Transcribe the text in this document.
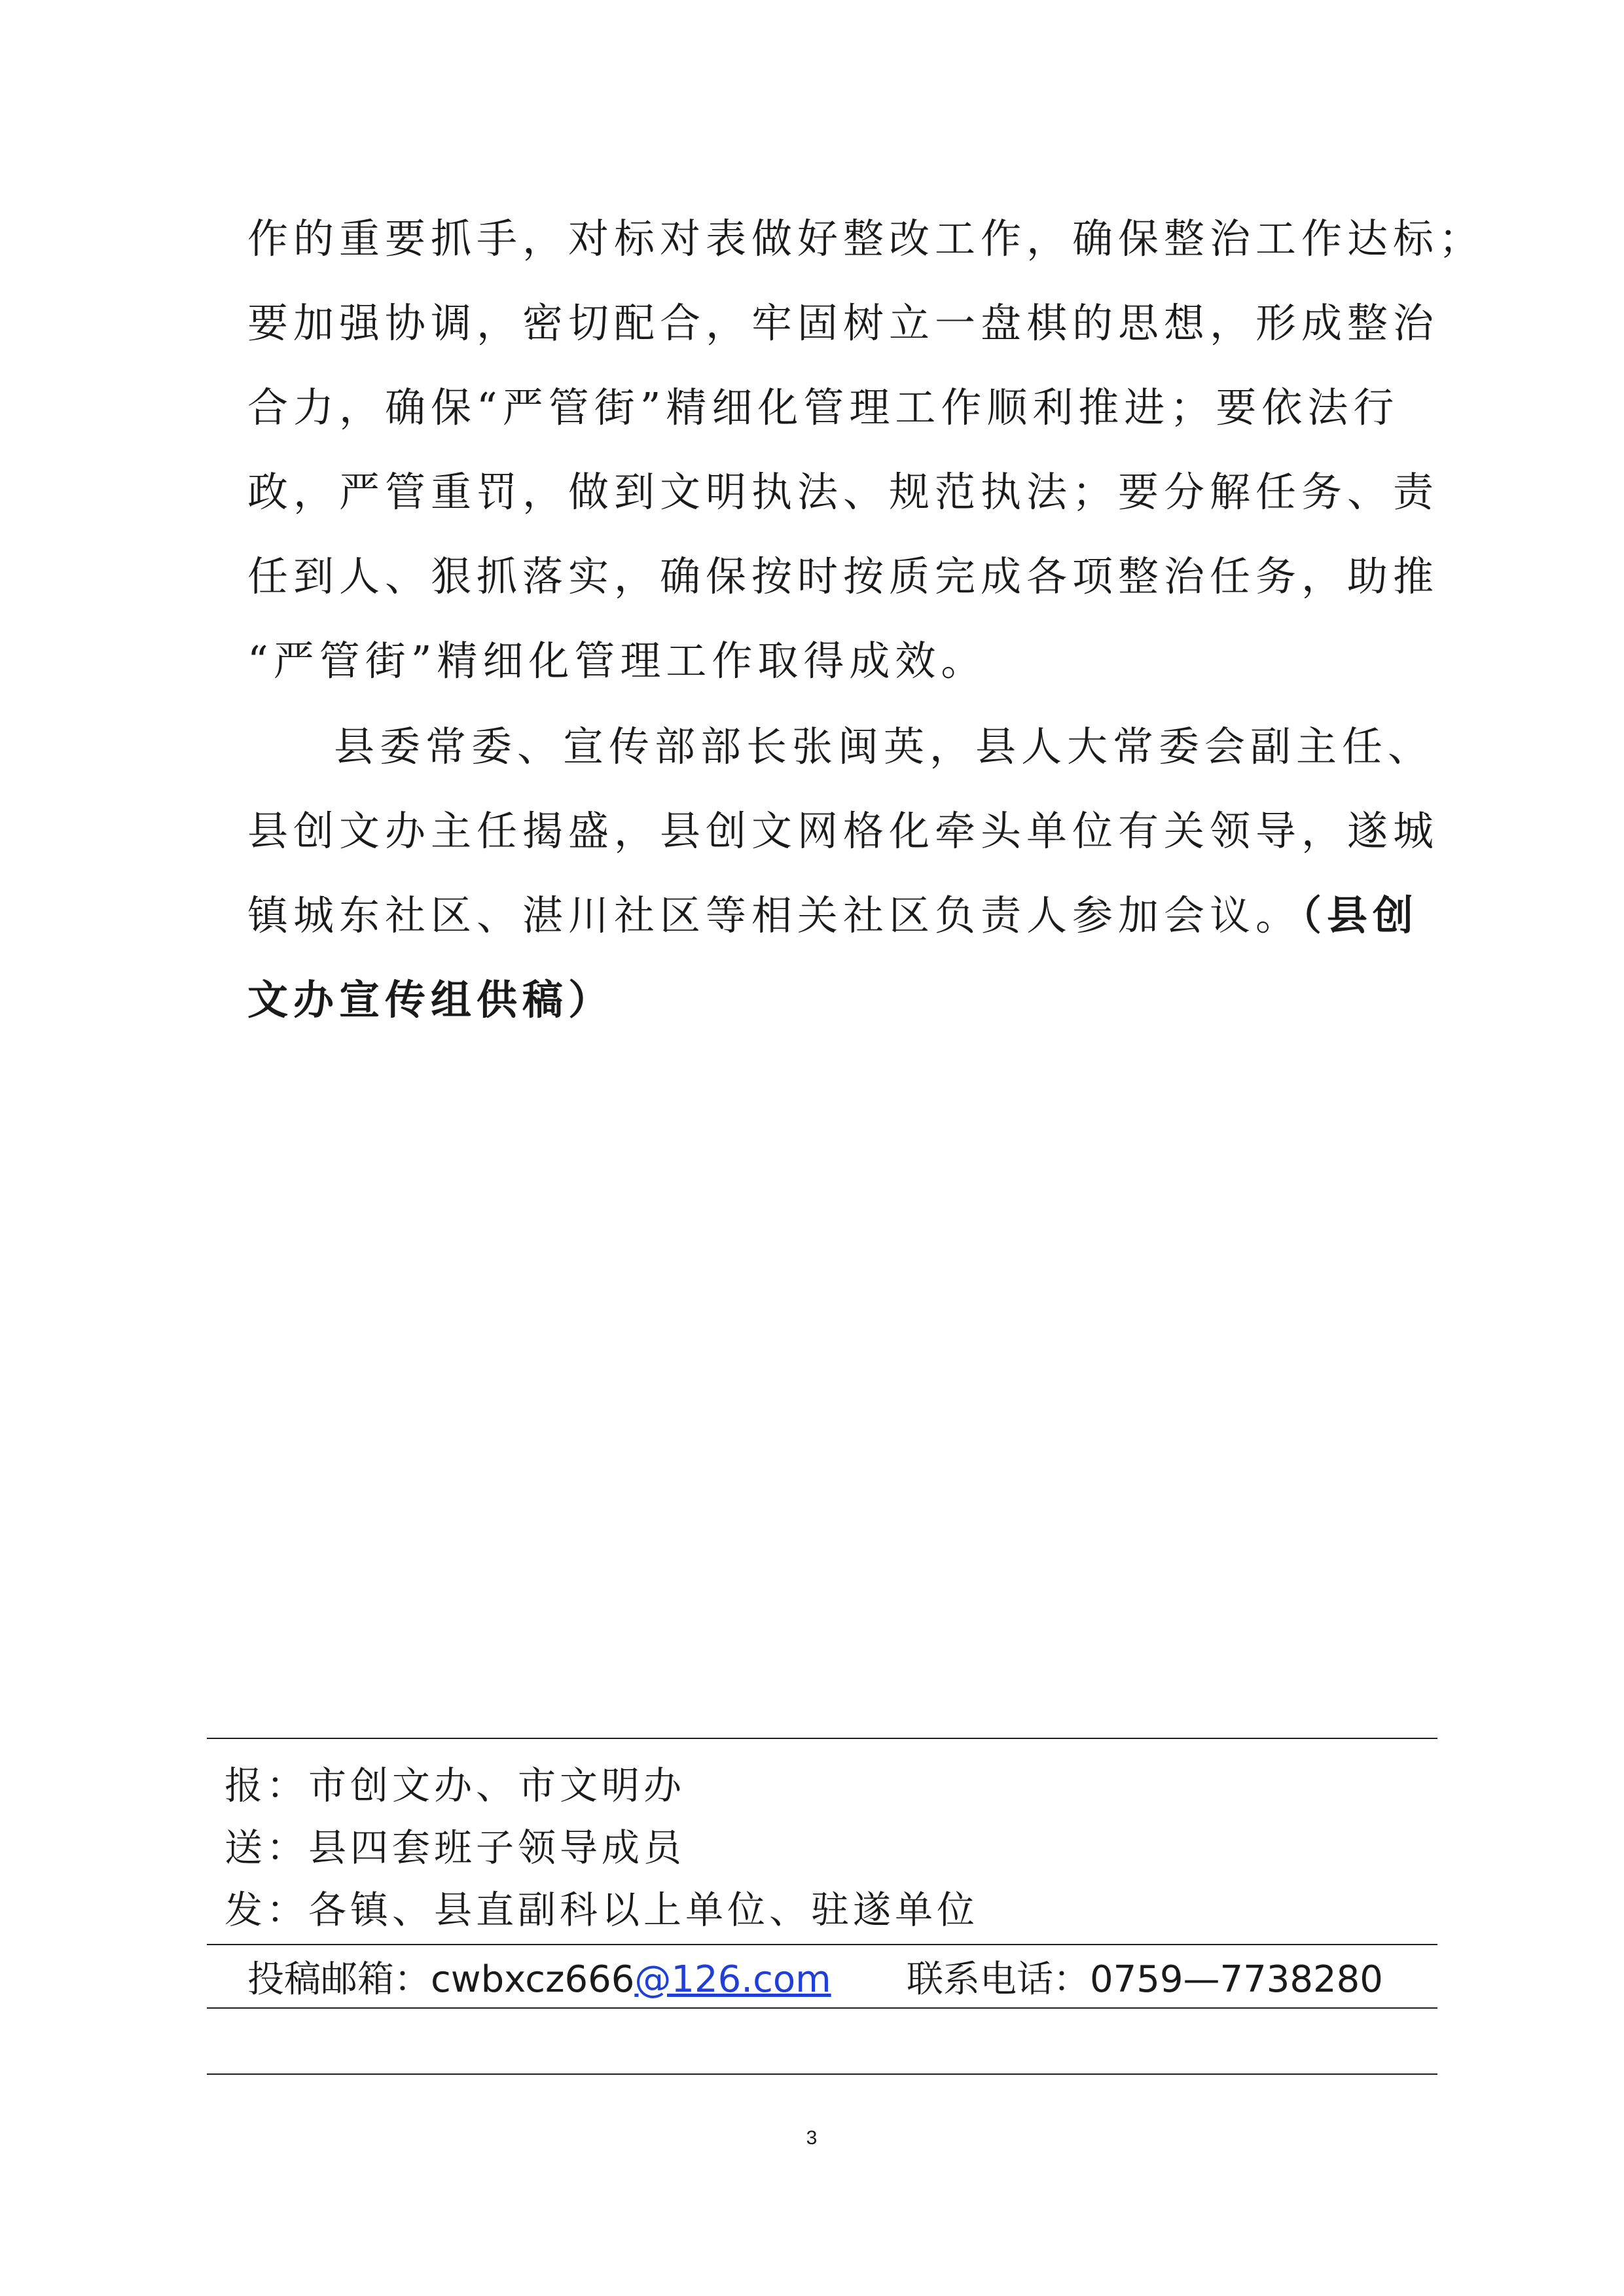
作的重要抓手，对标对表做好整改工作，确保整治工作达标；
要加强协调，密切配合，牢固树立一盘棋的思想，形成整治
合力，确保“严管街”精细化管理工作顺利推进；要依法行
政，严管重罚，做到文明执法、规范执法；要分解任务、责
任到人、狠抓落实，确保按时按质完成各项整治任务，助推
“严管街”精细化管理工作取得成效。
县委常委、宣传部部长张闽英，县人大常委会副主任、
县创文办主任揭盛，县创文网格化牵头单位有关领导，遂城
镇城东社区、湛川社区等相关社区负责人参加会议。（县创
文办宣传组供稿）
报：市创文办、市文明办
送：县四套班子领导成员
发：各镇、县直副科以上单位、驻遂单位
投稿邮箱：cwbxcz666@126.com 联系电话：0759—7738280
3
